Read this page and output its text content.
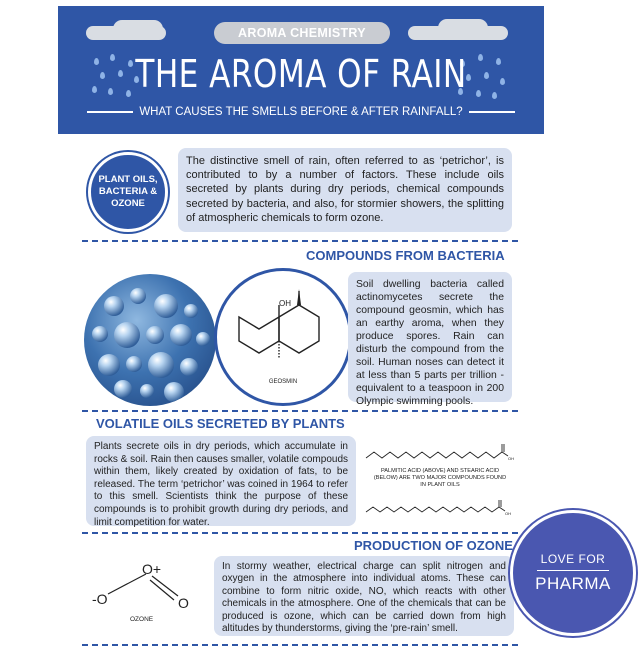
AROMA CHEMISTRY
THE AROMA OF RAIN
WHAT CAUSES THE SMELLS BEFORE & AFTER RAINFALL?
PLANT OILS,
BACTERIA &
OZONE

The distinctive smell of rain, often referred to as ‘petrichor’, is contributed to by a number of factors. These include oils secreted by plants during dry periods, chemical compounds secreted by bacteria, and also, for stormier showers, the splitting of atmospheric chemicals to form ozone.

COMPOUNDS FROM BACTERIA
OH
GEOSMIN

Soil dwelling bacteria called actinomycetes secrete the compound geosmin, which has an earthy aroma, when they produce spores. Rain can disturb the compound from the soil. Human noses can detect it at less than 5 parts per trillion - equivalent to a teaspoon in 200 Olympic swimming pools.

VOLATILE OILS SECRETED BY PLANTS

Plants secrete oils in dry periods, which accumulate in rocks & soil. Rain then causes smaller, volatile compouds within them, likely created by oxidation of fats, to be released. The term ‘petrichor’ was coined in 1964 to refer to this smell. Scientists think the purpose of these compounds is to prohibit growth during dry periods, and limit competition for water.

OH
PALMITIC ACID (ABOVE) AND STEARIC ACID
(BELOW) ARE TWO MAJOR COMPOUNDS FOUND
IN PLANT OILS
OH
PRODUCTION OF OZONE
-O
O+
O
OZONE

In stormy weather, electrical charge can split nitrogen and oxygen in the atmosphere into individual atoms. These can combine to form nitric oxide, NO, which reacts with other chemicals in the atmosphere. One of the chemicals that can be produced is ozone, which can be carried down from high altitudes by thunderstorms, giving the ‘pre-rain’ smell.

LOVE FOR
PHARMA
